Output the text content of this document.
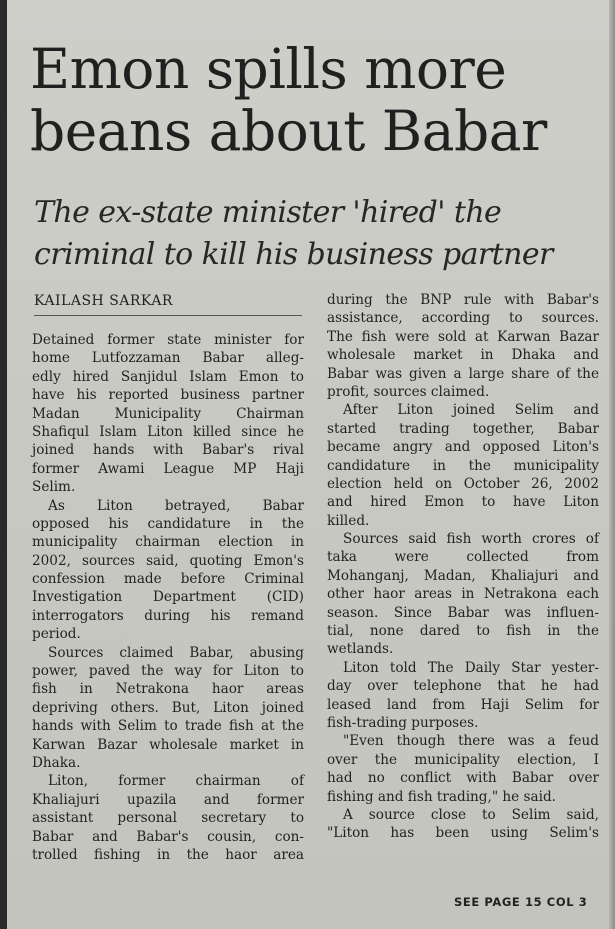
Emon spills more
beans about Babar
The ex-state minister 'hired' the
criminal to kill his business partner
KAILASH SARKAR
Detained former state minister for
home Lutfozzaman Babar alleg-
edly hired Sanjidul Islam Emon to
have his reported business partner
Madan Municipality Chairman
Shafiqul Islam Liton killed since he
joined hands with Babar's rival
former Awami League MP Haji
Selim.
As Liton betrayed, Babar
opposed his candidature in the
municipality chairman election in
2002, sources said, quoting Emon's
confession made before Criminal
Investigation Department (CID)
interrogators during his remand
period.
Sources claimed Babar, abusing
power, paved the way for Liton to
fish in Netrakona haor areas
depriving others. But, Liton joined
hands with Selim to trade fish at the
Karwan Bazar wholesale market in
Dhaka.
Liton, former chairman of
Khaliajuri upazila and former
assistant personal secretary to
Babar and Babar's cousin, con-
trolled fishing in the haor area
during the BNP rule with Babar's
assistance, according to sources.
The fish were sold at Karwan Bazar
wholesale market in Dhaka and
Babar was given a large share of the
profit, sources claimed.
After Liton joined Selim and
started trading together, Babar
became angry and opposed Liton's
candidature in the municipality
election held on October 26, 2002
and hired Emon to have Liton
killed.
Sources said fish worth crores of
taka were collected from
Mohanganj, Madan, Khaliajuri and
other haor areas in Netrakona each
season. Since Babar was influen-
tial, none dared to fish in the
wetlands.
Liton told The Daily Star yester-
day over telephone that he had
leased land from Haji Selim for
fish-trading purposes.
"Even though there was a feud
over the municipality election, I
had no conflict with Babar over
fishing and fish trading," he said.
A source close to Selim said,
"Liton has been using Selim's
SEE PAGE 15 COL 3
